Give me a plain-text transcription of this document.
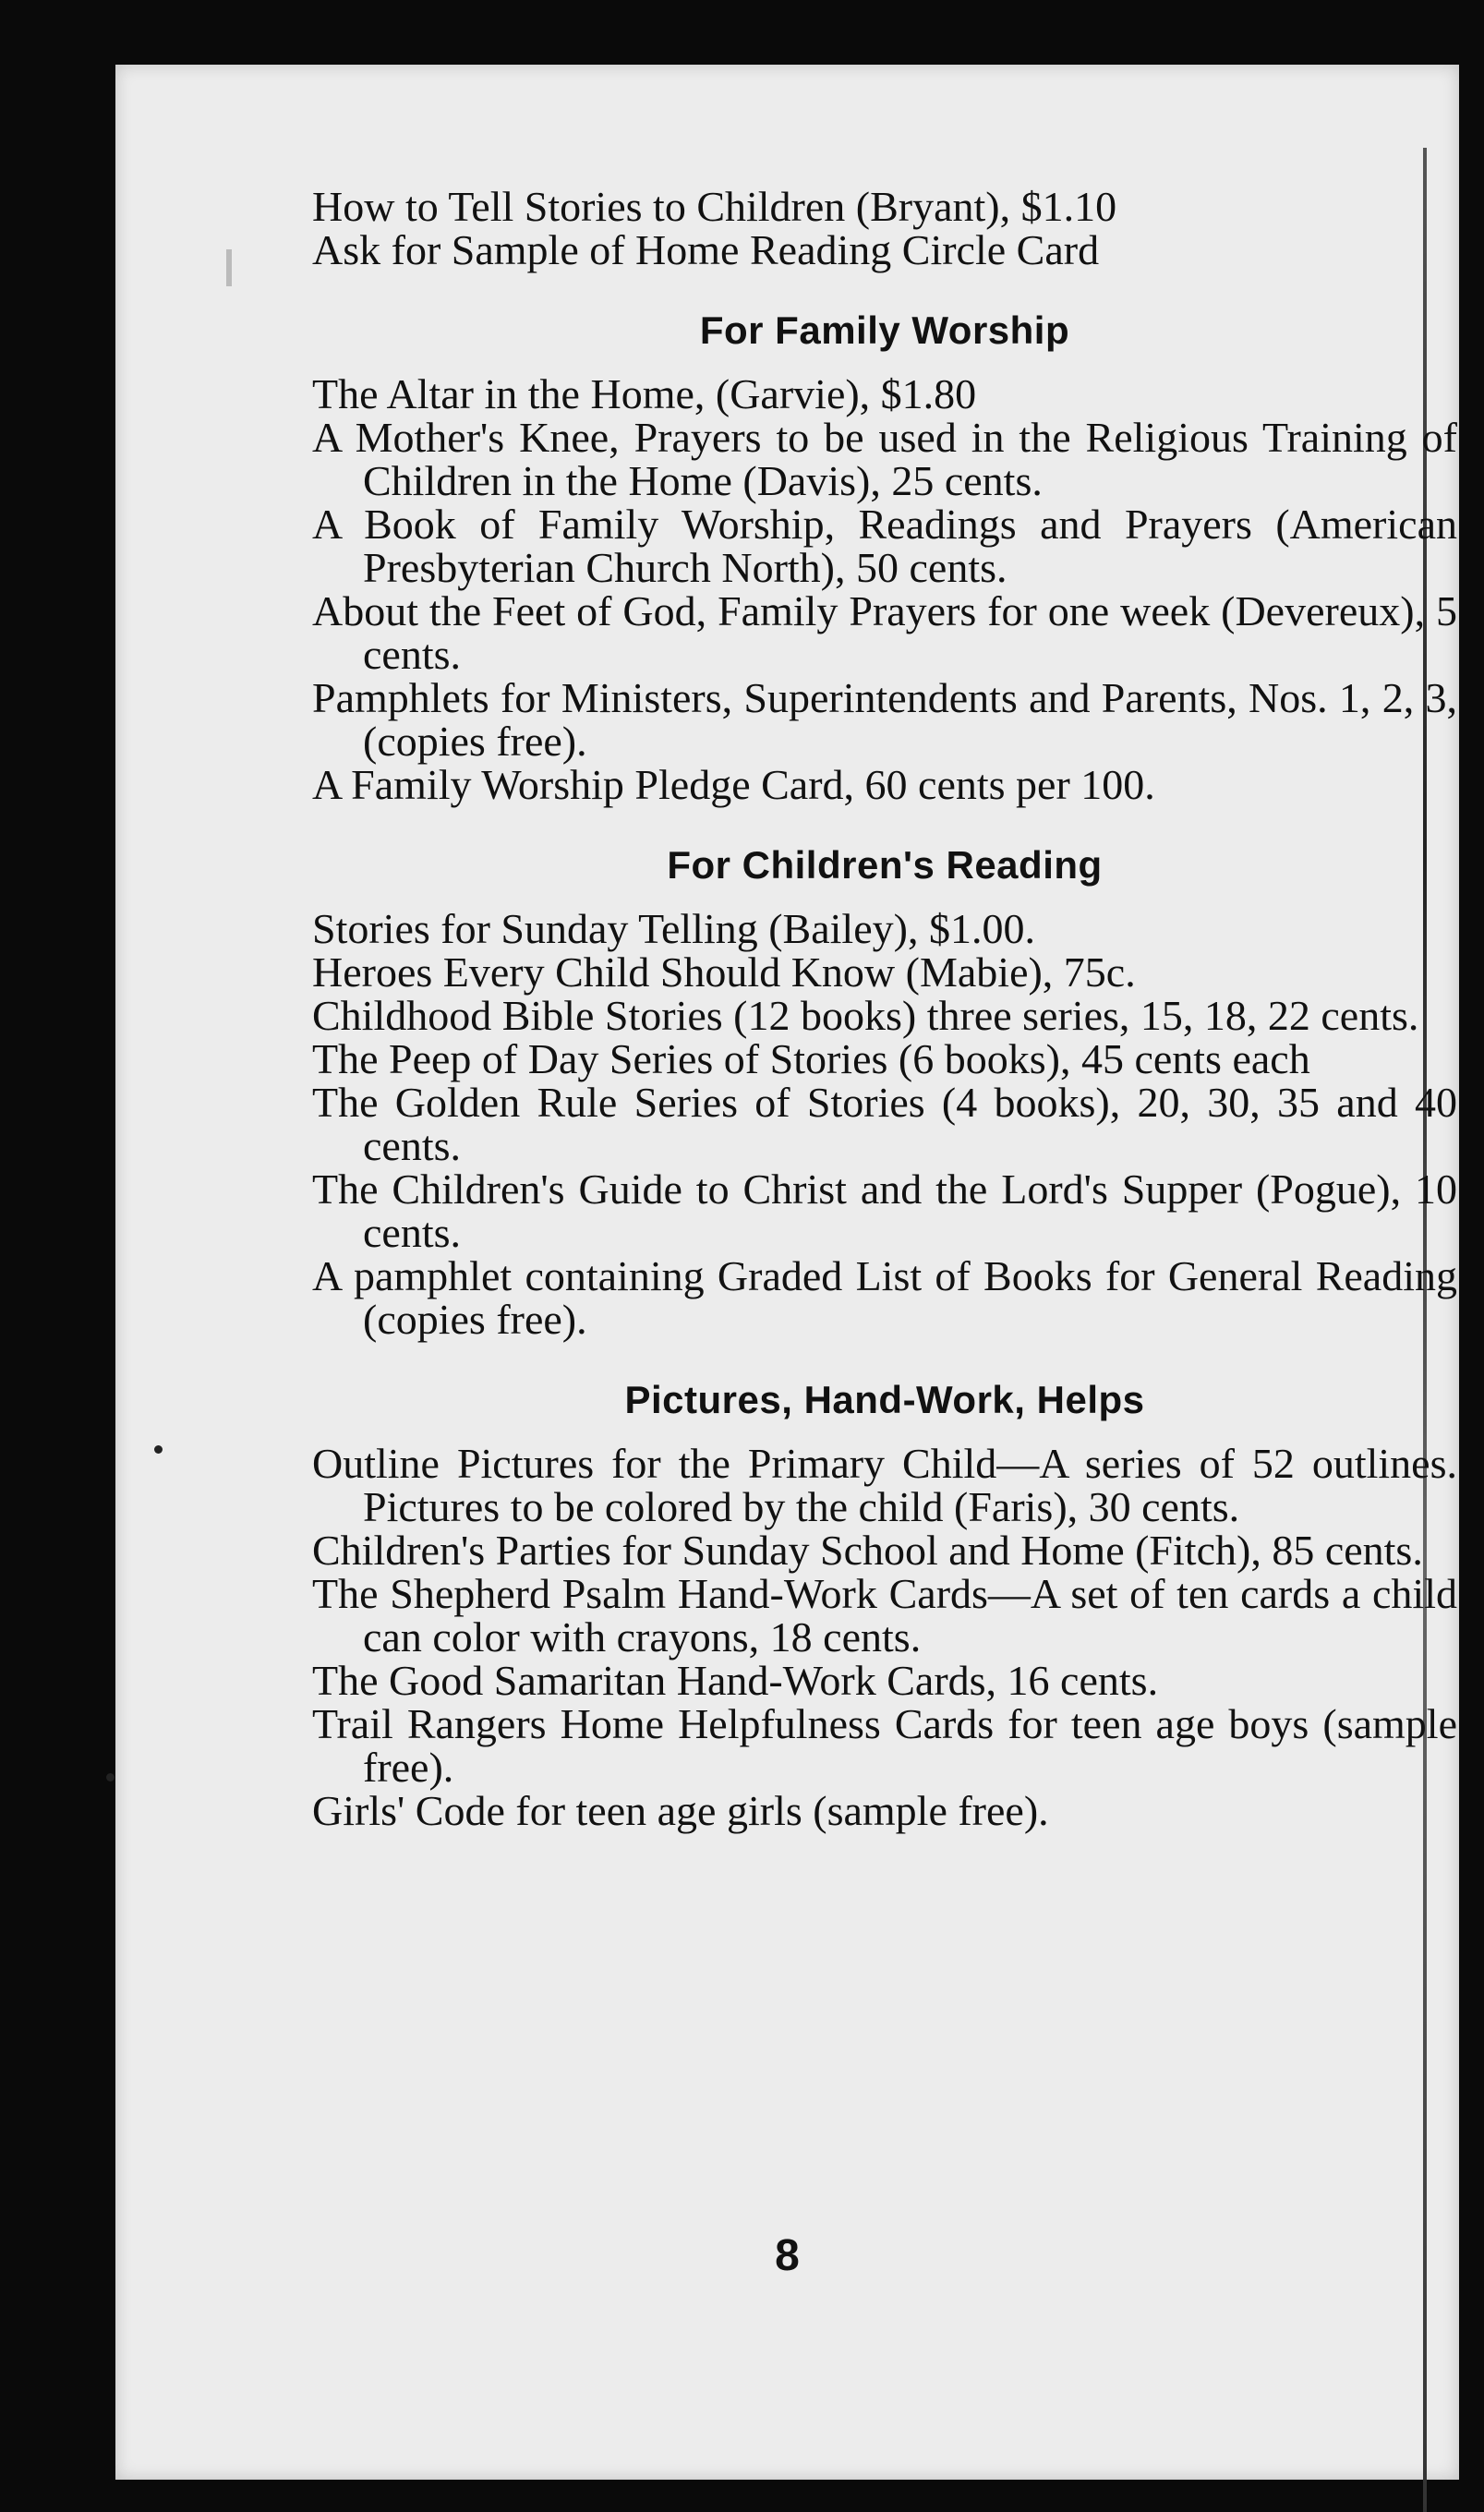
How to Tell Stories to Children (Bryant), $1.10

Ask for Sample of Home Reading Circle Card

For Family Worship

The Altar in the Home, (Garvie), $1.80

A Mother's Knee, Prayers to be used in the Religious Training of Children in the Home (Davis), 25 cents.

A Book of Family Worship, Readings and Prayers (American Presbyterian Church North), 50 cents.

About the Feet of God, Family Prayers for one week (Devereux), 5 cents.

Pamphlets for Ministers, Superintendents and Parents, Nos. 1, 2, 3, (copies free).

A Family Worship Pledge Card, 60 cents per 100.

For Children's Reading

Stories for Sunday Telling (Bailey), $1.00.

Heroes Every Child Should Know (Mabie), 75c.

Childhood Bible Stories (12 books) three series, 15, 18, 22 cents.

The Peep of Day Series of Stories (6 books), 45 cents each

The Golden Rule Series of Stories (4 books), 20, 30, 35 and 40 cents.

The Children's Guide to Christ and the Lord's Supper (Pogue), 10 cents.

A pamphlet containing Graded List of Books for General Reading (copies free).

Pictures, Hand-Work, Helps

Outline Pictures for the Primary Child—A series of 52 outlines. Pictures to be colored by the child (Faris), 30 cents.

Children's Parties for Sunday School and Home (Fitch), 85 cents.

The Shepherd Psalm Hand-Work Cards—A set of ten cards a child can color with crayons, 18 cents.

The Good Samaritan Hand-Work Cards, 16 cents.

Trail Rangers Home Helpfulness Cards for teen age boys (sample free).

Girls' Code for teen age girls (sample free).

8
